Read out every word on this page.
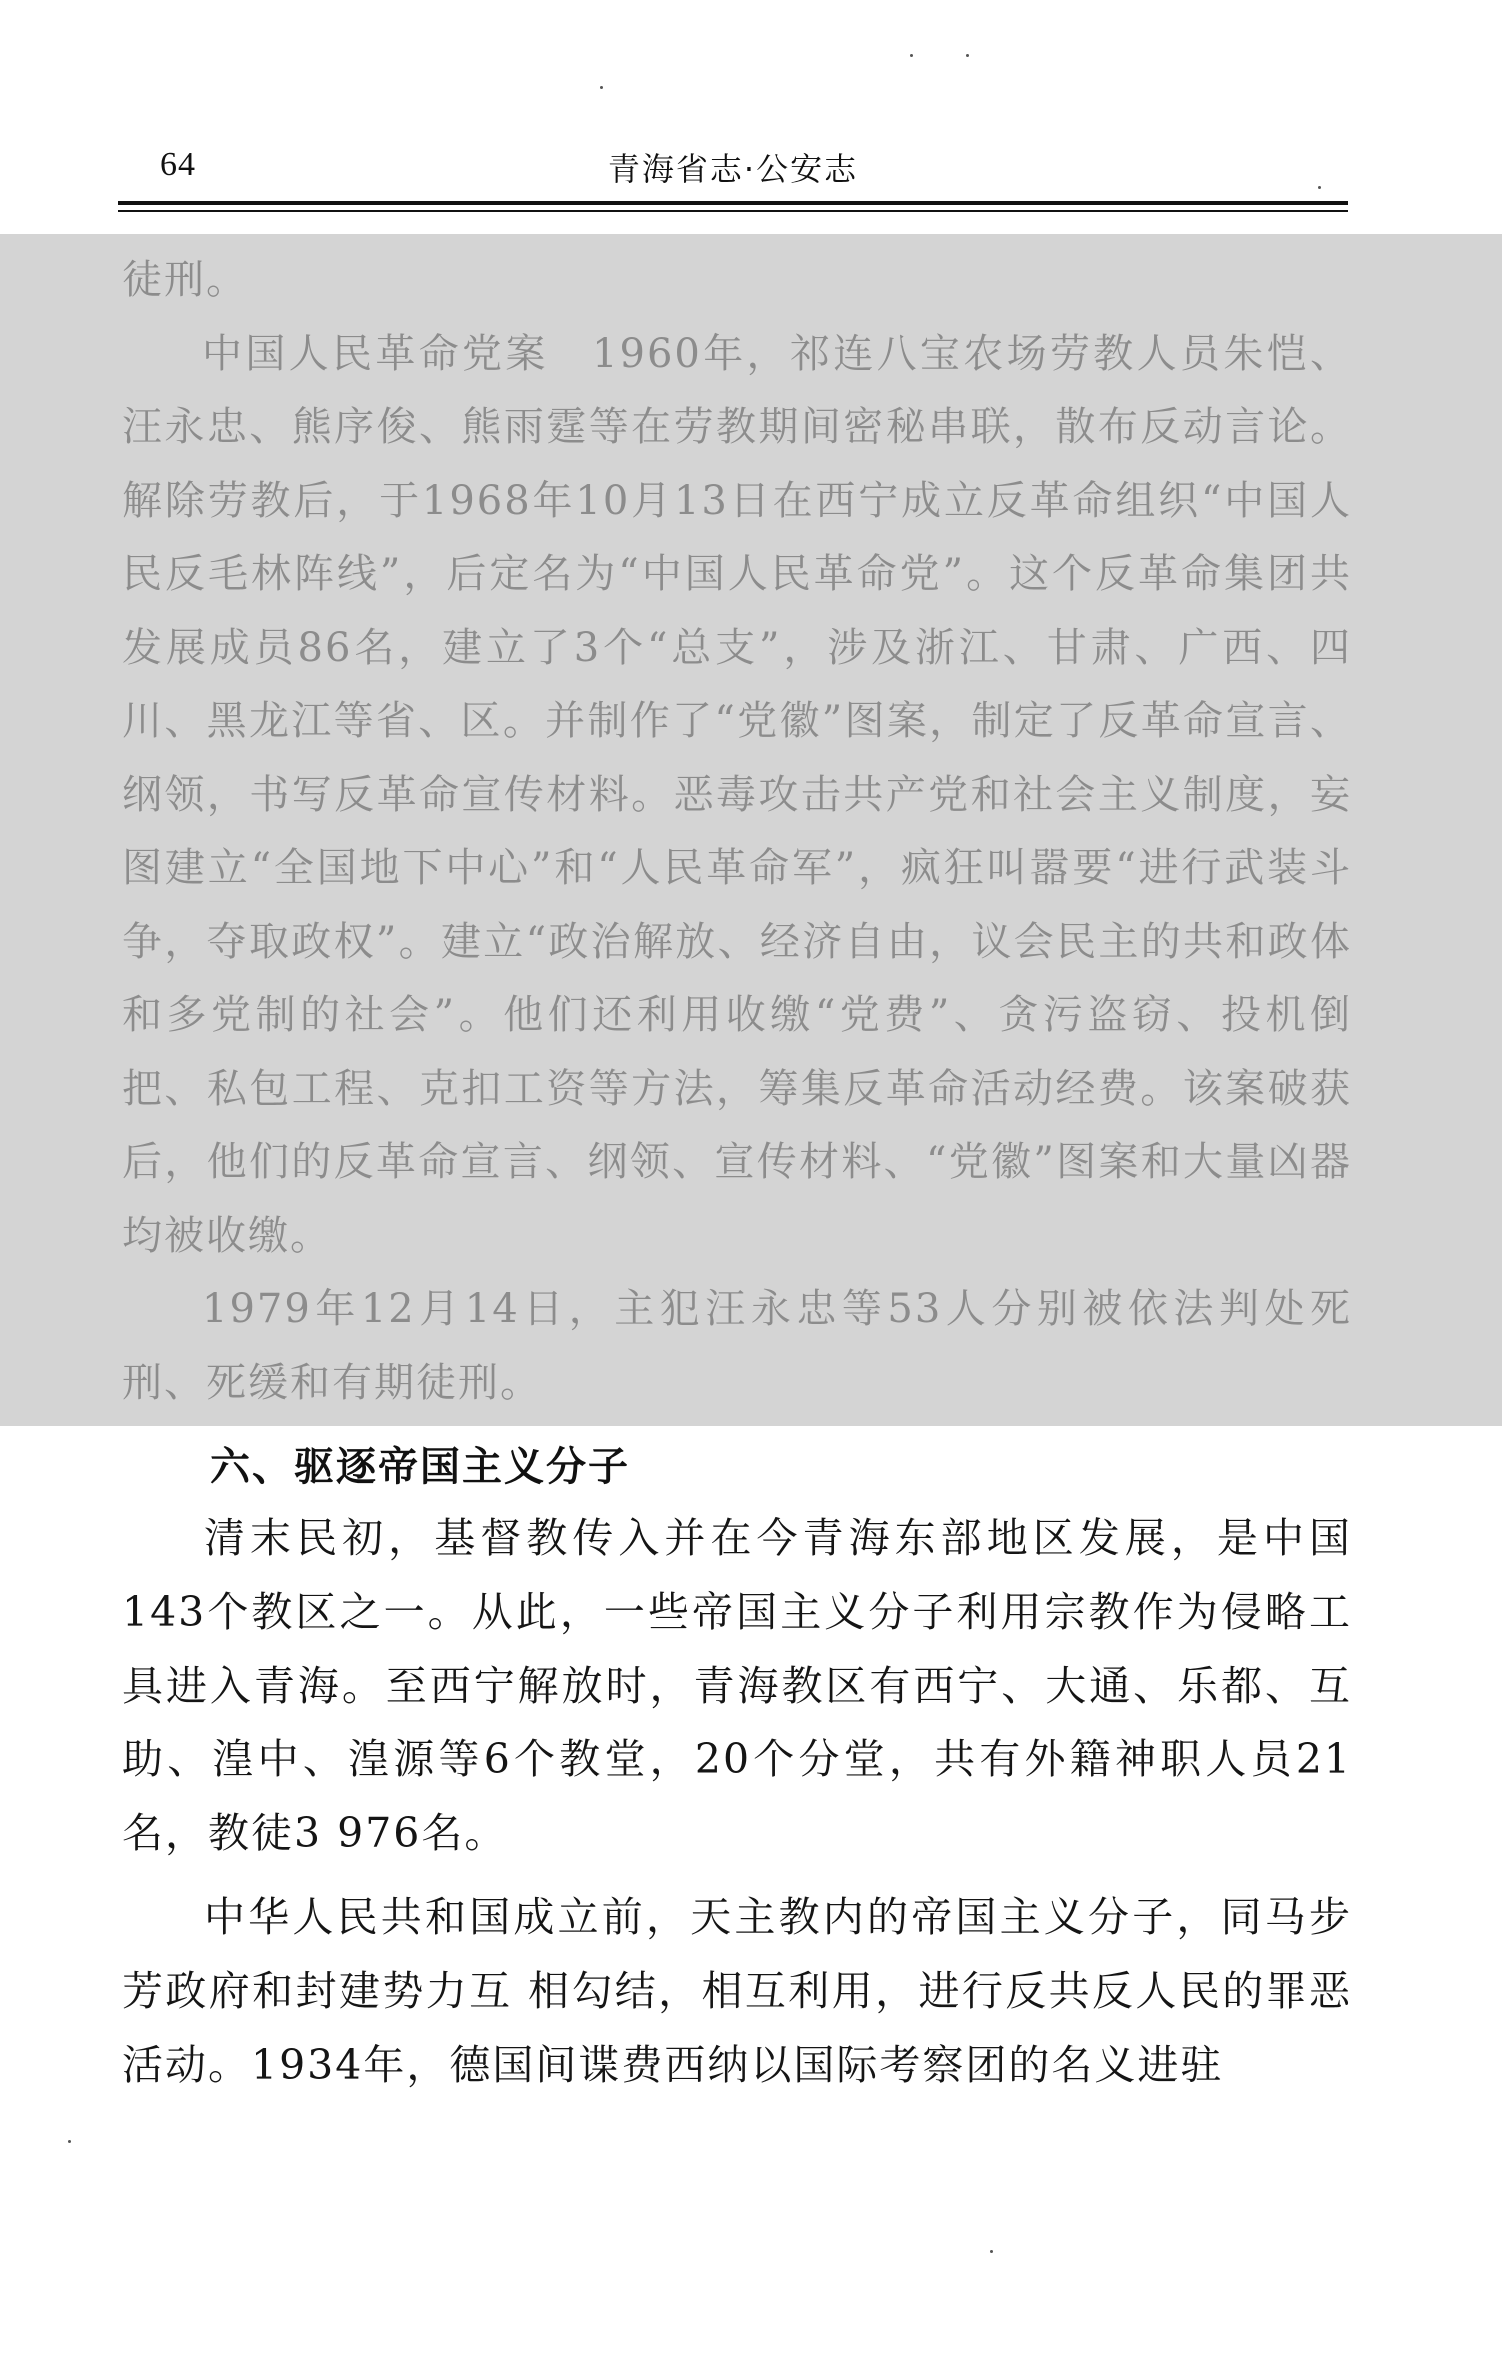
64	青海省志·公安志

徒刑。

中国人民革命党案　 1960年，祁连八宝农场劳教人员朱恺、汪永忠、熊序俊、熊雨霆等在劳教期间密秘串联，散布反动言论。解除劳教后，于1968年10月13日在西宁成立反革命组织“中国人民反毛林阵线”，后定名为“中国人民革命党”。这个反革命集团共发展成员86名，建立了3个“总支”，涉及浙江、甘肃、广西、四川、黑龙江等省、区。并制作了“党徽”图案，制定了反革命宣言、纲领，书写反革命宣传材料。恶毒攻击共产党和社会主义制度，妄图建立“全国地下中心”和“人民革命军”，疯狂叫嚣要“进行武装斗争，夺取政权”。建立“政治解放、经济自由，议会民主的共和政体和多党制的社会”。他们还利用收缴“党费”、贪污盗窃、投机倒把、私包工程、克扣工资等方法，筹集反革命活动经费。该案破获后，他们的反革命宣言、纲领、宣传材料、“党徽”图案和大量凶器均被收缴。

1979年12月14日，主犯汪永忠等53人分别被依法判处死刑、死缓和有期徒刑。

六、驱逐帝国主义分子

清末民初，基督教传入并在今青海东部地区发展，是中国143个教区之一。从此，一些帝国主义分子利用宗教作为侵略工具进入青海。至西宁解放时，青海教区有西宁、大通、乐都、互助、湟中、湟源等6个教堂，20个分堂，共有外籍神职人员21名，教徒3 976名。

中华人民共和国成立前，天主教内的帝国主义分子，同马步芳政府和封建势力互 相勾结，相互利用，进行反共反人民的罪恶活动。1934年，德国间谍费西纳以国际考察团的名义进驻
